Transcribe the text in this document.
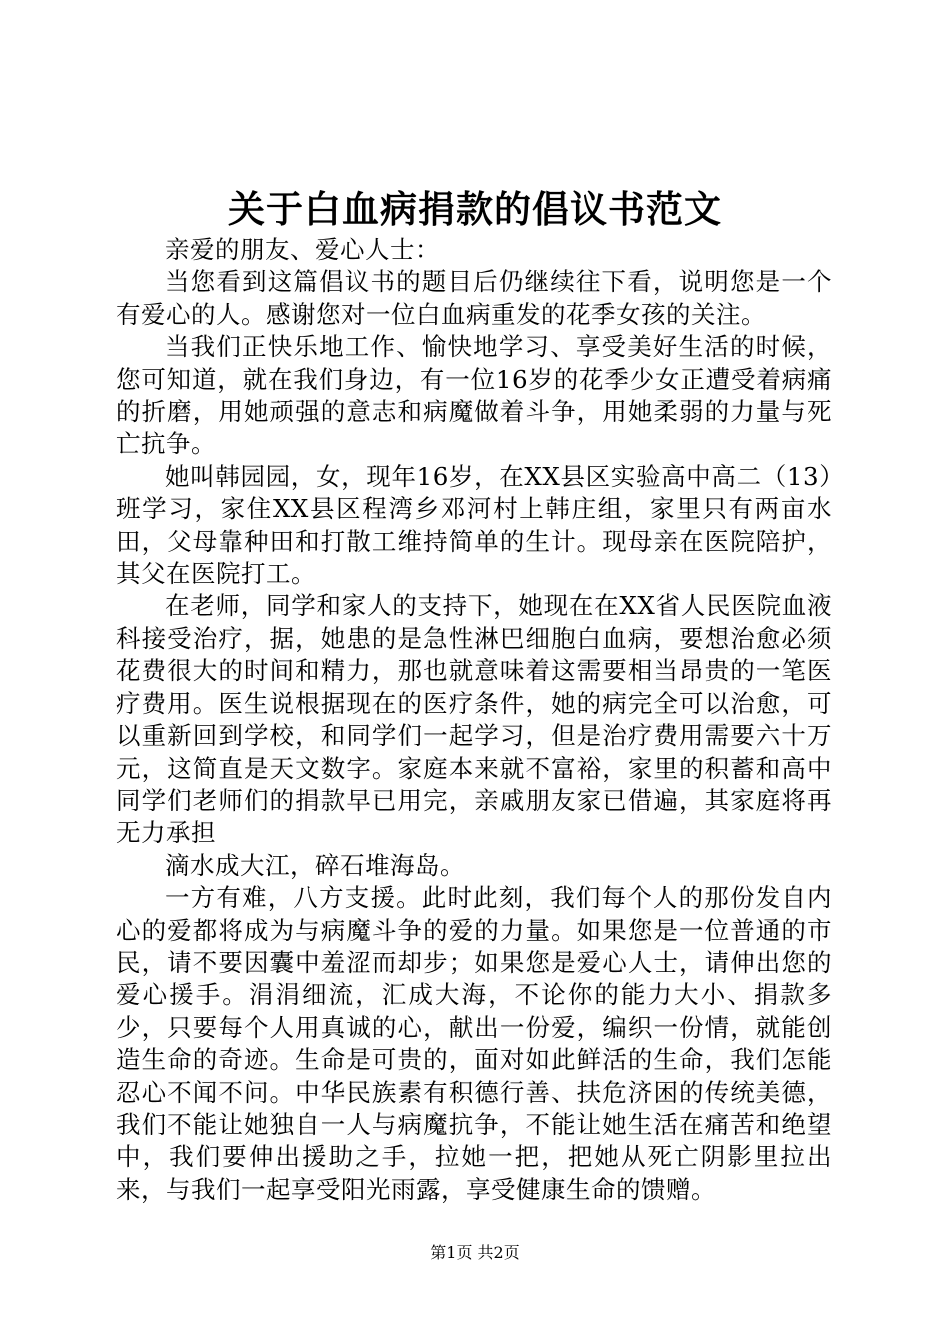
关于白血病捐款的倡议书范文

亲爱的朋友、爱心人士：

当您看到这篇倡议书的题目后仍继续往下看，说明您是一个有爱心的人。感谢您对一位白血病重发的花季女孩的关注。

当我们正快乐地工作、愉快地学习、享受美好生活的时候，您可知道，就在我们身边，有一位16岁的花季少女正遭受着病痛的折磨，用她顽强的意志和病魔做着斗争，用她柔弱的力量与死亡抗争。

她叫韩园园，女，现年16岁，在XX县区实验高中高二（13）班学习，家住XX县区程湾乡邓河村上韩庄组，家里只有两亩水田，父母靠种田和打散工维持简单的生计。现母亲在医院陪护，其父在医院打工。

在老师，同学和家人的支持下，她现在在XX省人民医院血液科接受治疗，据，她患的是急性淋巴细胞白血病，要想治愈必须花费很大的时间和精力，那也就意味着这需要相当昂贵的一笔医疗费用。医生说根据现在的医疗条件，她的病完全可以治愈，可以重新回到学校，和同学们一起学习，但是治疗费用需要六十万元，这简直是天文数字。家庭本来就不富裕，家里的积蓄和高中同学们老师们的捐款早已用完，亲戚朋友家已借遍，其家庭将再无力承担

滴水成大江，碎石堆海岛。

一方有难，八方支援。此时此刻，我们每个人的那份发自内心的爱都将成为与病魔斗争的爱的力量。如果您是一位普通的市民，请不要因囊中羞涩而却步；如果您是爱心人士，请伸出您的爱心援手。涓涓细流，汇成大海，不论你的能力大小、捐款多少，只要每个人用真诚的心，献出一份爱，编织一份情，就能创造生命的奇迹。生命是可贵的，面对如此鲜活的生命，我们怎能忍心不闻不问。中华民族素有积德行善、扶危济困的传统美德，我们不能让她独自一人与病魔抗争，不能让她生活在痛苦和绝望中，我们要伸出援助之手，拉她一把，把她从死亡阴影里拉出来，与我们一起享受阳光雨露，享受健康生命的馈赠。

第1页 共2页
